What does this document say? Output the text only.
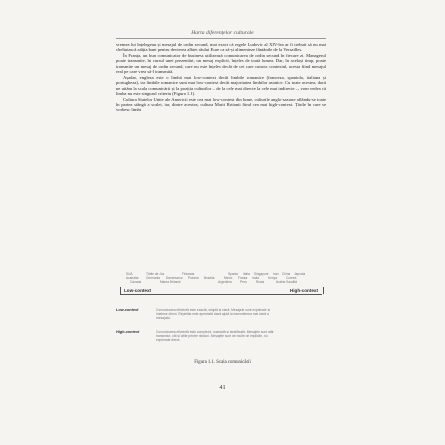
Harta diferențelor culturale

vremea lui înțelegeau și mesajul de ordin secund, mai exact că regele Ludovic al XIV-lea ar fi trebuit să nu mai cheltuiască atâția bani pentru devierea albiei râului Eure ca să-și alimenteze fântânile de la Versailles.

În Franța, un bun comunicator de business utilizează comunicarea de ordin secund în fiecare zi. Managerul poate transmite, în cursul unei prezentări, un mesaj explicit, înțeles de toată lumea. Dar, în același timp, poate transmite un mesaj de ordin secund, care nu este înțeles decât de cei care cunosc contextul, acesta fiind mesajul real pe care vrea să-l transmită.

Așadar, engleza este o limbă mai low-context decât limbile romanice (franceza, spaniola, italiana și portugheza), iar limbile romanice sunt mai low-context decât majoritatea limbilor asiatice. Cu toate acestea, dacă ne uităm la scala comunicării și la poziția culturilor – de la cele mai directe la cele mai indirecte –, vom vedea că limba nu este singurul criteriu (Figura 1.1).

Cultura Statelor Unite ale Americii este cea mai low-context din lume, culturile anglo-saxone aflându-se toate în partea stângă a scalei, iar, dintre acestea, cultura Marii Britanii fiind cea mai high-context. Țările în care se vorbesc limbi

SUA	Țările de Jos	Finlanda	Spania Italia Singapore Iran China Japonia
Australia Germania Danemarca Polonia Brazilia	Mexic Franța India	Kenya	Coreea
Canada	Marea Britanie	Argentina	Peru	Rusia	Arabia Saudită
Low-context	High-context
Low-context	Comunicarea eficientă este exactă, simplă și clară. Mesajele sunt exprimate și înțelese direct. Repetiția este apreciată dacă ajută la transmiterea mai clară a mesajului.
High-context	Comunicarea eficientă este complexă, nuanțată și stratificată. Mesajele sunt atât transmise, cât și citite printre rânduri. Mesajele sunt de multe ori implicite, nu exprimate direct.
Figura 1.1. Scala comunicării
41
